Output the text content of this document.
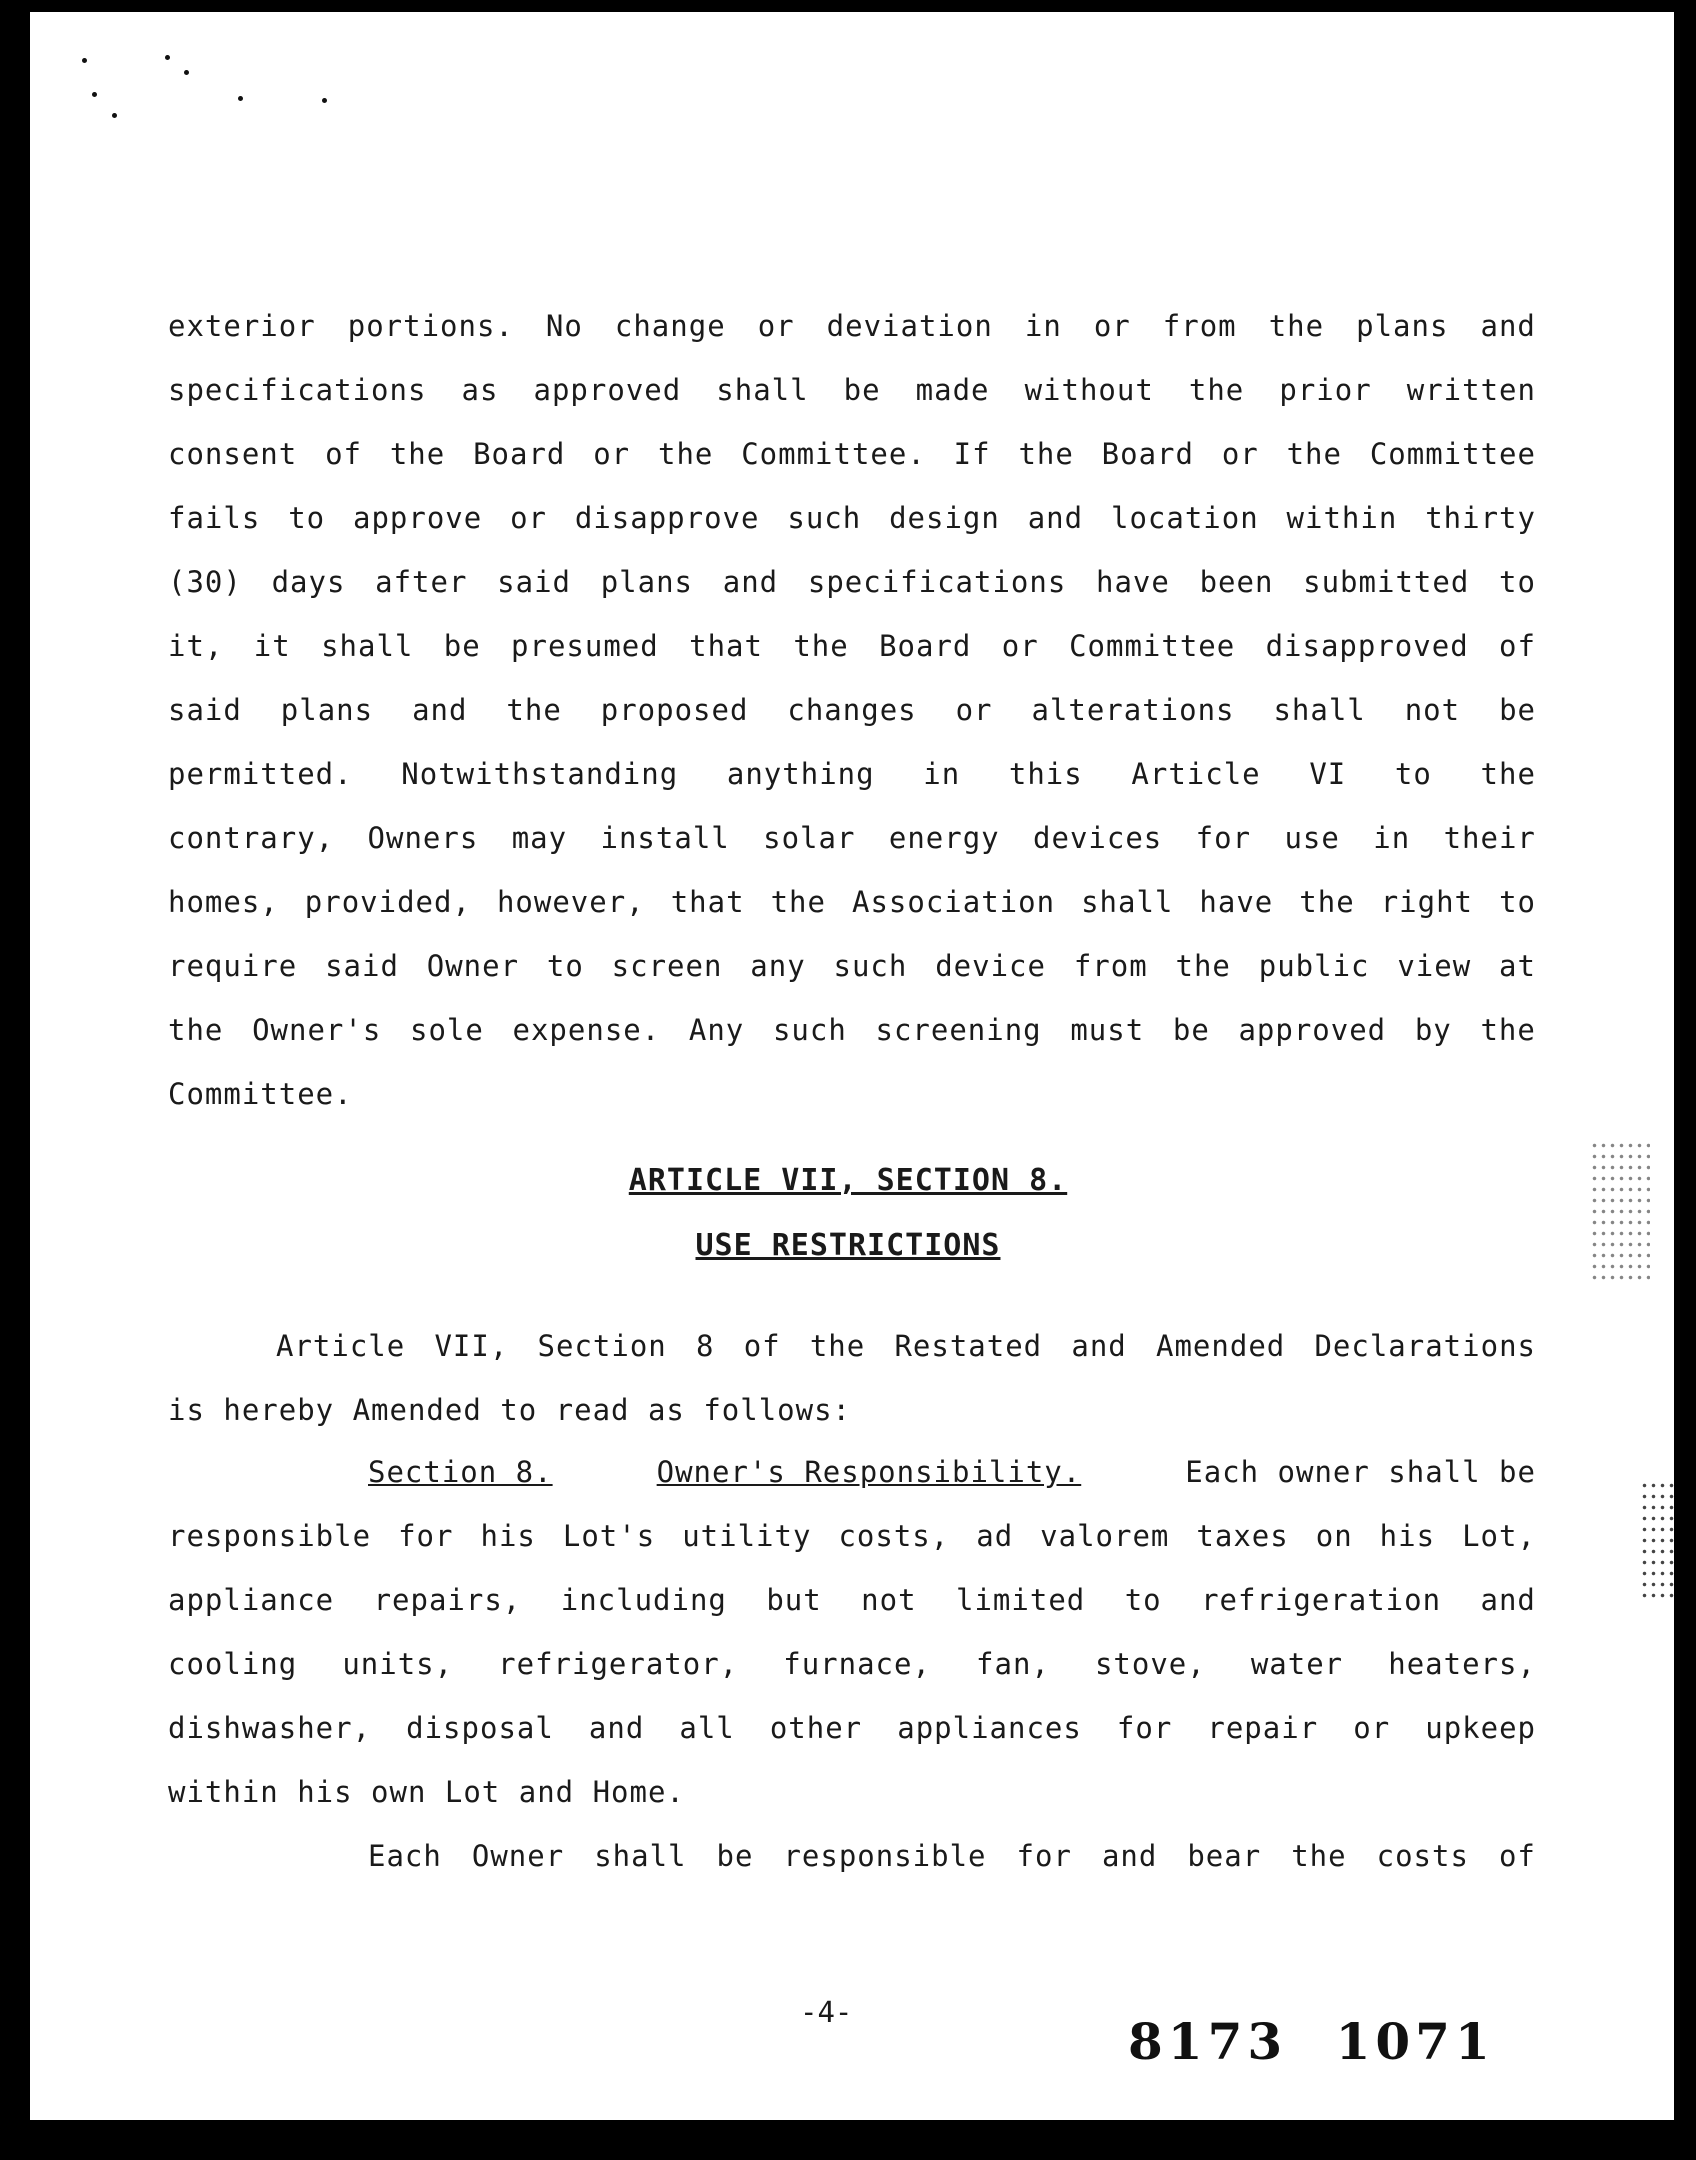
exterior portions. No change or deviation in or from the plans and
specifications as approved shall be made without the prior written
consent of the Board or the Committee. If the Board or the Committee
fails to approve or disapprove such design and location within thirty
(30) days after said plans and specifications have been submitted to
it, it shall be presumed that the Board or Committee disapproved of
said plans and the proposed changes or alterations shall not be
permitted. Notwithstanding anything in this Article VI to the
contrary, Owners may install solar energy devices for use in their
homes, provided, however, that the Association shall have the right to
require said Owner to screen any such device from the public view at
the Owner's sole expense. Any such screening must be approved by the
Committee.
ARTICLE VII, SECTION 8.
USE RESTRICTIONS
Article VII, Section 8 of the Restated and Amended Declarations
is hereby Amended to read as follows:
Section 8.	Owner's Responsibility.	Each owner shall be
responsible for his Lot's utility costs, ad valorem taxes on his Lot,
appliance repairs, including but not limited to refrigeration and
cooling units, refrigerator, furnace, fan, stove, water heaters,
dishwasher, disposal and all other appliances for repair or upkeep
within his own Lot and Home.
Each Owner shall be responsible for and bear the costs of
-4-	8173 1071
